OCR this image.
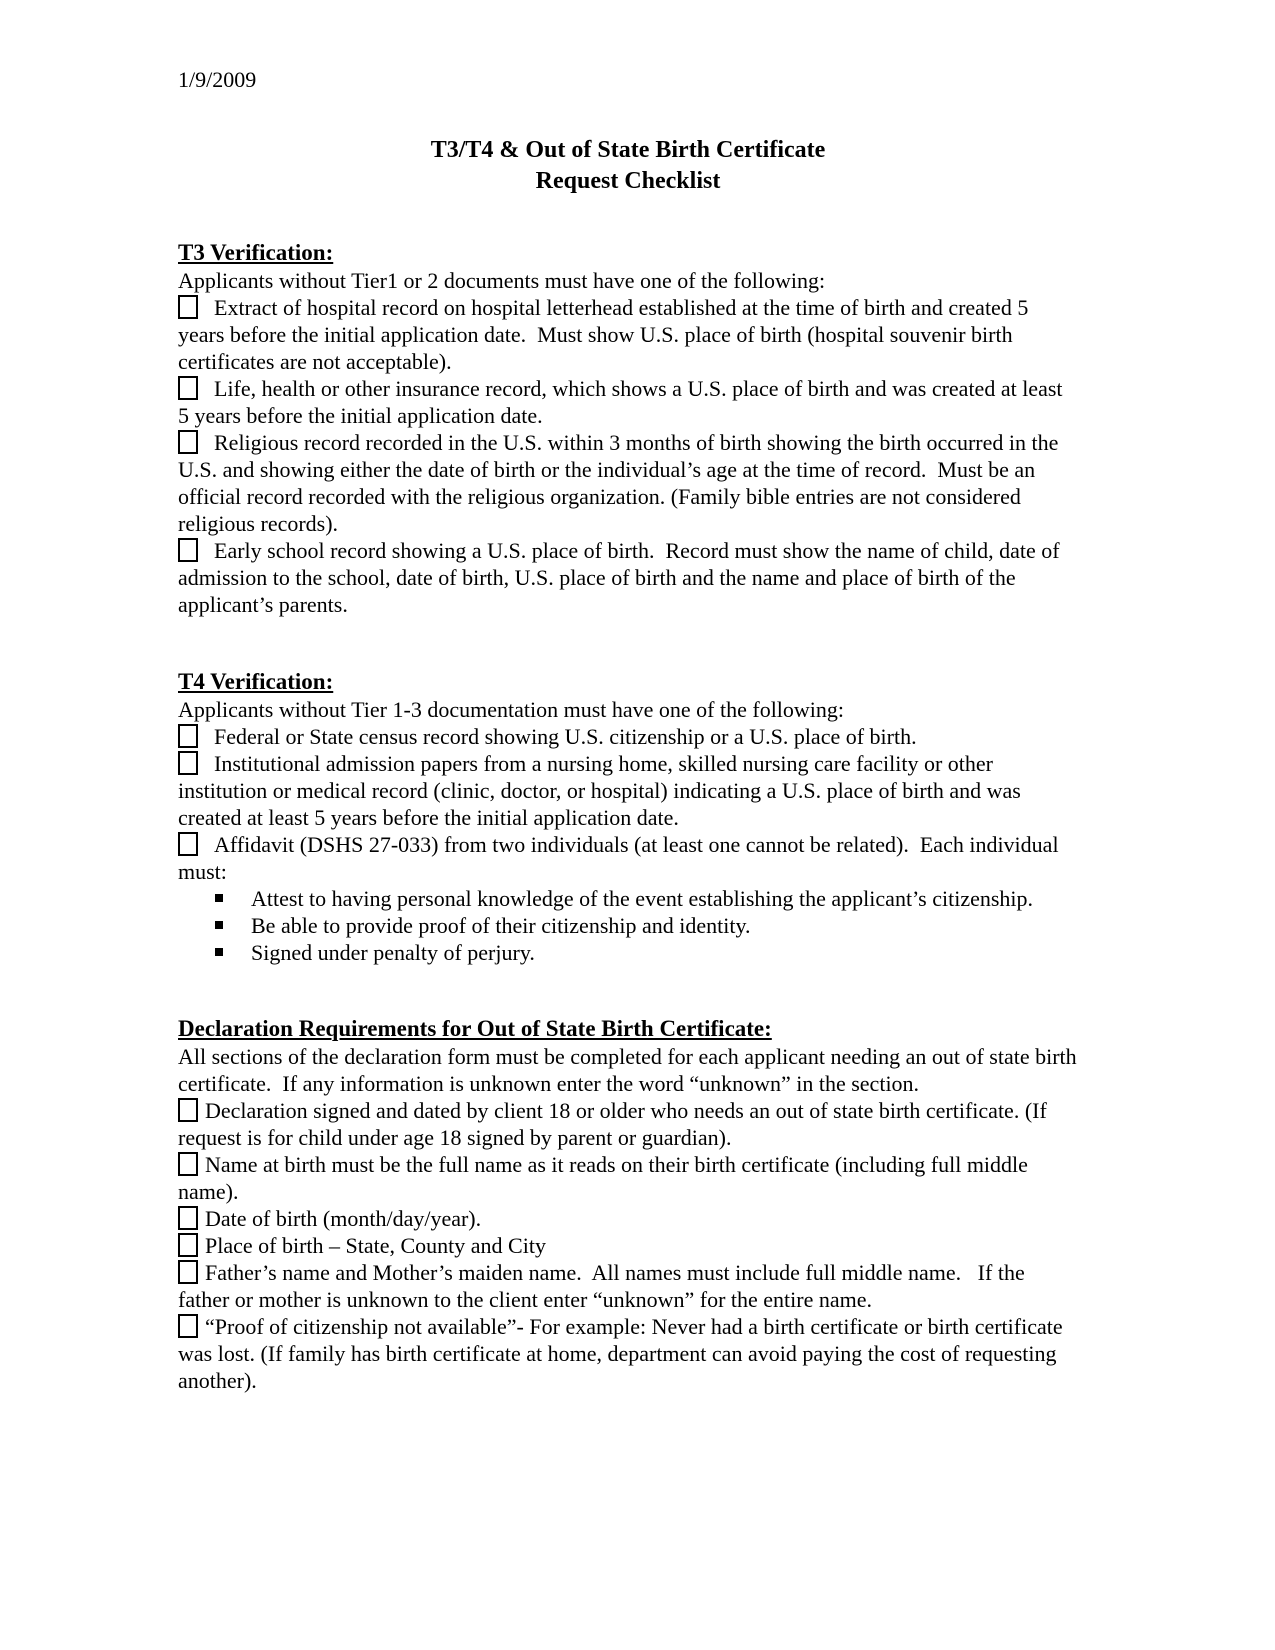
1/9/2009
T3/T4 & Out of State Birth Certificate
Request Checklist
T3 Verification:

Applicants without Tier1 or 2 documents must have one of the following:

Extract of hospital record on hospital letterhead established at the time of birth and created 5 years before the initial application date.  Must show U.S. place of birth (hospital souvenir birth certificates are not acceptable).

Life, health or other insurance record, which shows a U.S. place of birth and was created at least 5 years before the initial application date.

Religious record recorded in the U.S. within 3 months of birth showing the birth occurred in the U.S. and showing either the date of birth or the individual’s age at the time of record.  Must be an official record recorded with the religious organization. (Family bible entries are not considered religious records).

Early school record showing a U.S. place of birth.  Record must show the name of child, date of admission to the school, date of birth, U.S. place of birth and the name and place of birth of the applicant’s parents.

T4 Verification:

Applicants without Tier 1-3 documentation must have one of the following:

Federal or State census record showing U.S. citizenship or a U.S. place of birth.

Institutional admission papers from a nursing home, skilled nursing care facility or other institution or medical record (clinic, doctor, or hospital) indicating a U.S. place of birth and was created at least 5 years before the initial application date.

Affidavit (DSHS 27-033) from two individuals (at least one cannot be related).  Each individual must:

Attest to having personal knowledge of the event establishing the applicant’s citizenship.

Be able to provide proof of their citizenship and identity.

Signed under penalty of perjury.

Declaration Requirements for Out of State Birth Certificate:

All sections of the declaration form must be completed for each applicant needing an out of state birth certificate.  If any information is unknown enter the word “unknown” in the section.

Declaration signed and dated by client 18 or older who needs an out of state birth certificate. (If request is for child under age 18 signed by parent or guardian).

Name at birth must be the full name as it reads on their birth certificate (including full middle name).

Date of birth (month/day/year).

Place of birth – State, County and City

Father’s name and Mother’s maiden name.  All names must include full middle name.   If the father or mother is unknown to the client enter “unknown” for the entire name.

“Proof of citizenship not available”- For example: Never had a birth certificate or birth certificate was lost. (If family has birth certificate at home, department can avoid paying the cost of requesting another).
